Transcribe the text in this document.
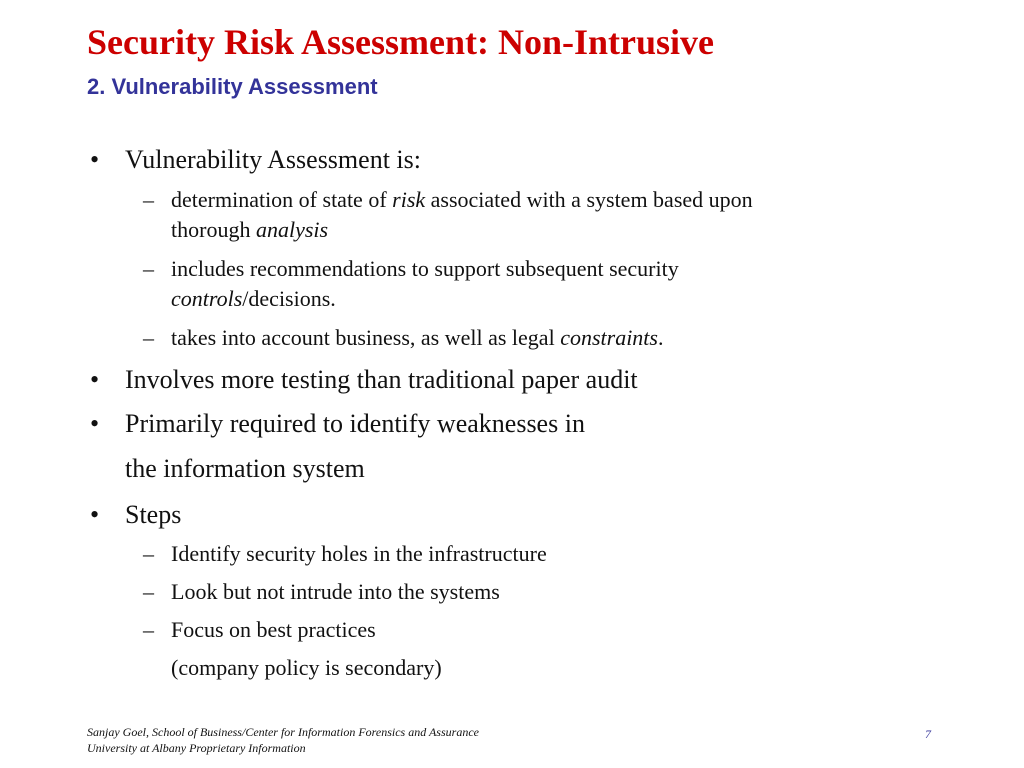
Security Risk Assessment: Non-Intrusive
2. Vulnerability Assessment
• Vulnerability Assessment is:
– determination of state of risk associated with a system based upon
thorough analysis
– includes recommendations to support subsequent security
controls/decisions.
– takes into account business, as well as legal constraints.
• Involves more testing than traditional paper audit
• Primarily required to identify weaknesses in
the information system
• Steps
– Identify security holes in the infrastructure
– Look but not intrude into the systems
– Focus on best practices
(company policy is secondary)
Sanjay Goel, School of Business/Center for Information Forensics and Assurance
University at Albany Proprietary Information
7
